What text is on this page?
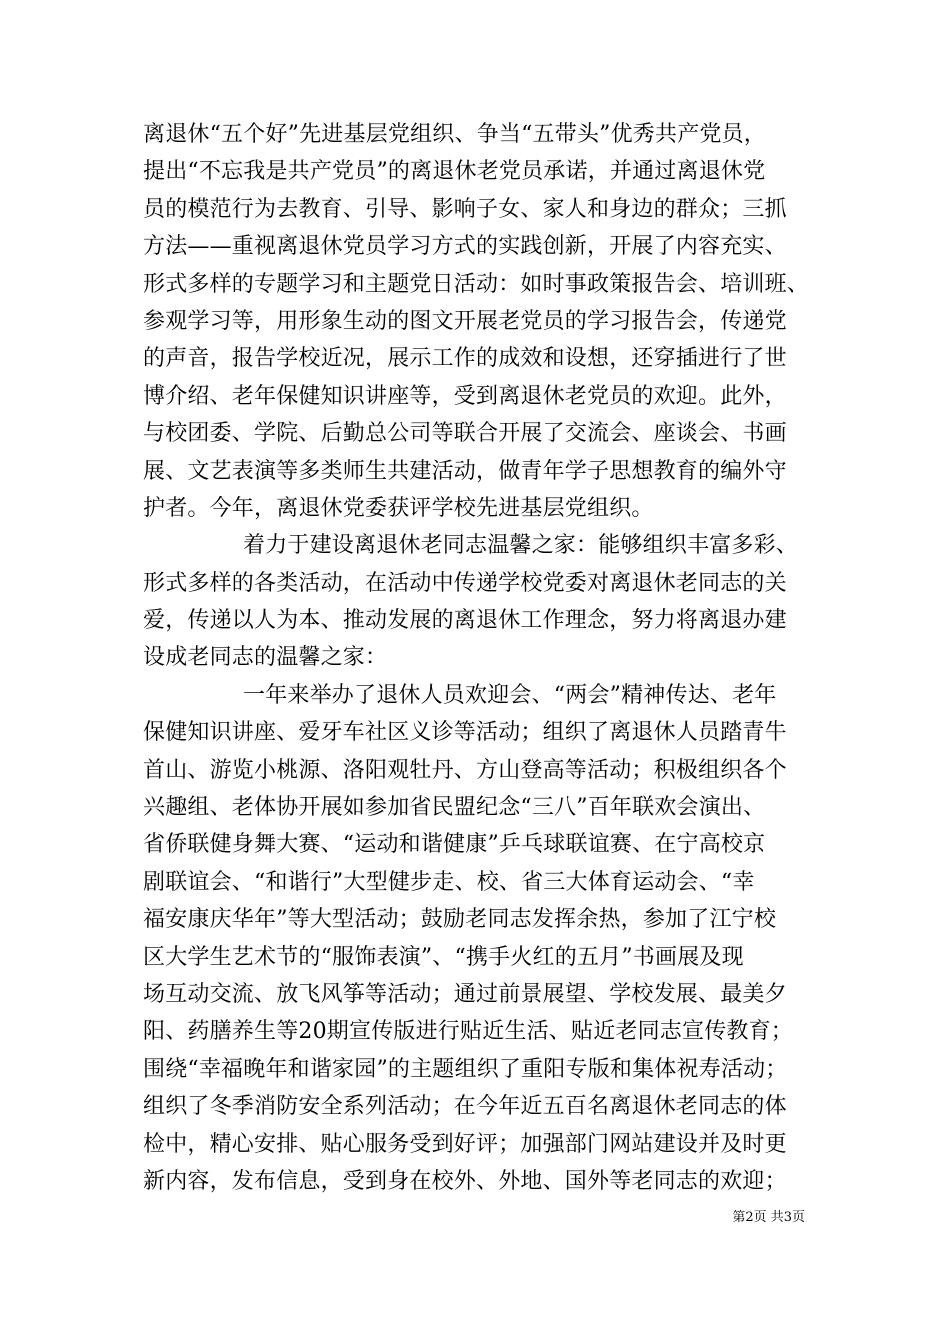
离退休“五个好”先进基层党组织、争当“五带头”优秀共产党员，
提出“不忘我是共产党员”的离退休老党员承诺，并通过离退休党
员的模范行为去教育、引导、影响子女、家人和身边的群众；三抓
方法——重视离退休党员学习方式的实践创新，开展了内容充实、
形式多样的专题学习和主题党日活动：如时事政策报告会、培训班、
参观学习等，用形象生动的图文开展老党员的学习报告会，传递党
的声音，报告学校近况，展示工作的成效和设想，还穿插进行了世
博介绍、老年保健知识讲座等，受到离退休老党员的欢迎。此外，
与校团委、学院、后勤总公司等联合开展了交流会、座谈会、书画
展、文艺表演等多类师生共建活动，做青年学子思想教育的编外守
护者。今年，离退休党委获评学校先进基层党组织。
着力于建设离退休老同志温馨之家：能够组织丰富多彩、
形式多样的各类活动，在活动中传递学校党委对离退休老同志的关
爱，传递以人为本、推动发展的离退休工作理念，努力将离退办建
设成老同志的温馨之家：
一年来举办了退休人员欢迎会、“两会”精神传达、老年
保健知识讲座、爱牙车社区义诊等活动；组织了离退休人员踏青牛
首山、游览小桃源、洛阳观牡丹、方山登高等活动；积极组织各个
兴趣组、老体协开展如参加省民盟纪念“三八”百年联欢会演出、
省侨联健身舞大赛、“运动和谐健康”乒乓球联谊赛、在宁高校京
剧联谊会、“和谐行”大型健步走、校、省三大体育运动会、“幸
福安康庆华年”等大型活动；鼓励老同志发挥余热，参加了江宁校
区大学生艺术节的“服饰表演”、“携手火红的五月”书画展及现
场互动交流、放飞风筝等活动；通过前景展望、学校发展、最美夕
阳、药膳养生等20期宣传版进行贴近生活、贴近老同志宣传教育；
围绕“幸福晚年和谐家园”的主题组织了重阳专版和集体祝寿活动；
组织了冬季消防安全系列活动；在今年近五百名离退休老同志的体
检中，精心安排、贴心服务受到好评；加强部门网站建设并及时更
新内容，发布信息，受到身在校外、外地、国外等老同志的欢迎；
第2页 共3页
